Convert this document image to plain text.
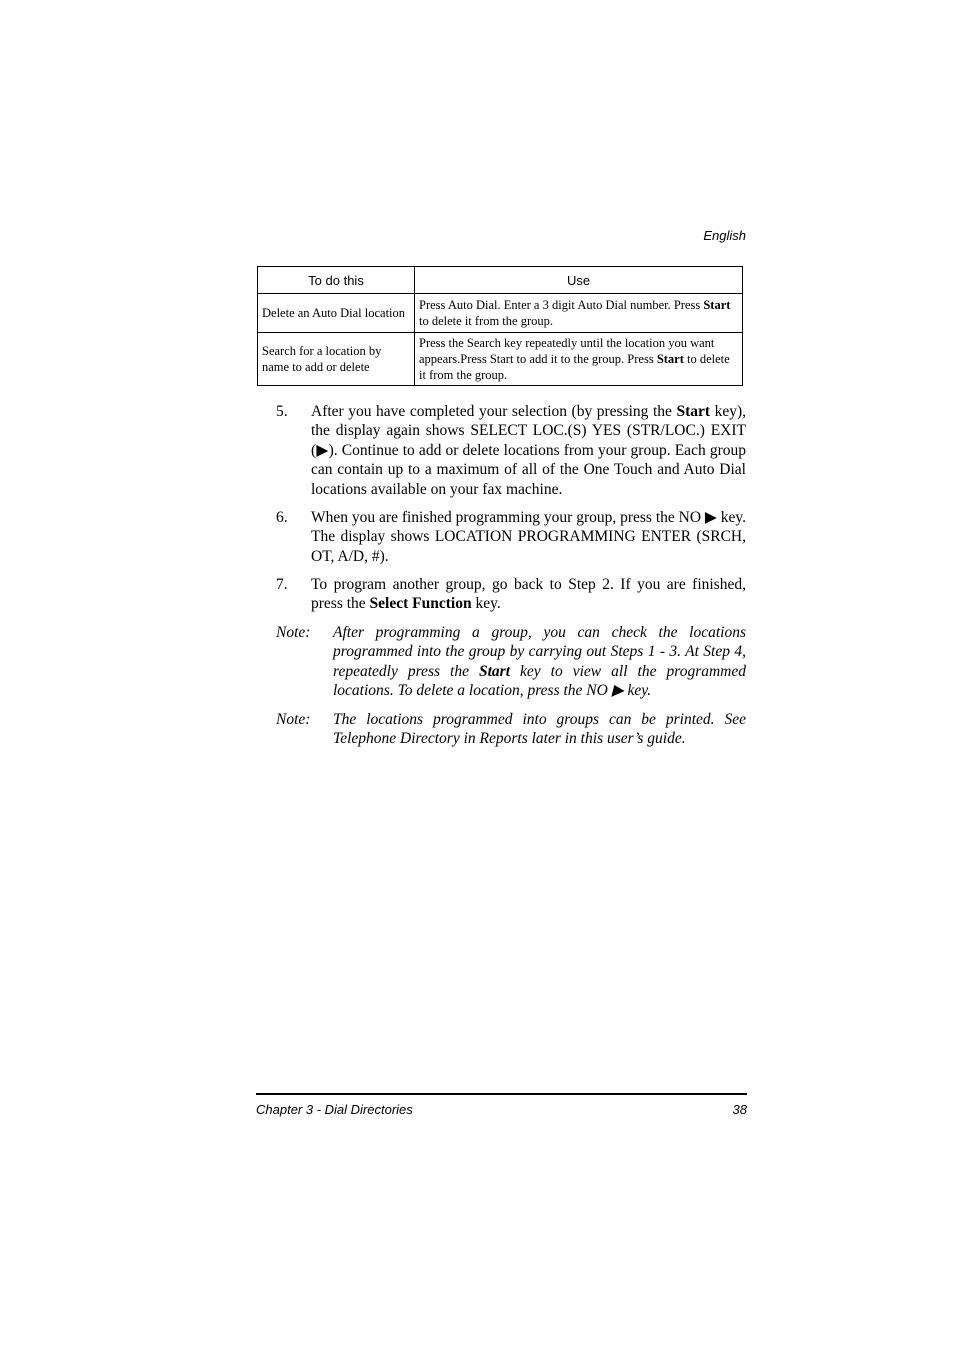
English
To do this	Use
Delete an Auto Dial location	Press Auto Dial. Enter a 3 digit Auto Dial number. Press Start to delete it from the group.
Search for a location by name to add or delete	Press the Search key repeatedly until the location you want appears.Press Start to add it to the group. Press Start to delete it from the group.
5. After you have completed your selection (by pressing the Start key), the display again shows SELECT LOC.(S) YES (STR/LOC.) EXIT (▶). Continue to add or delete locations from your group. Each group can contain up to a maximum of all of the One Touch and Auto Dial locations available on your fax machine.
6. When you are finished programming your group, press the NO ▶ key. The display shows LOCATION PROGRAMMING ENTER (SRCH, OT, A/D, #).
7. To program another group, go back to Step 2. If you are finished, press the Select Function key.
Note: After programming a group, you can check the locations programmed into the group by carrying out Steps 1 - 3. At Step 4, repeatedly press the Start key to view all the programmed locations. To delete a location, press the NO ▶ key.
Note: The locations programmed into groups can be printed. See Telephone Directory in Reports later in this user’s guide.
Chapter 3 - Dial Directories	38
